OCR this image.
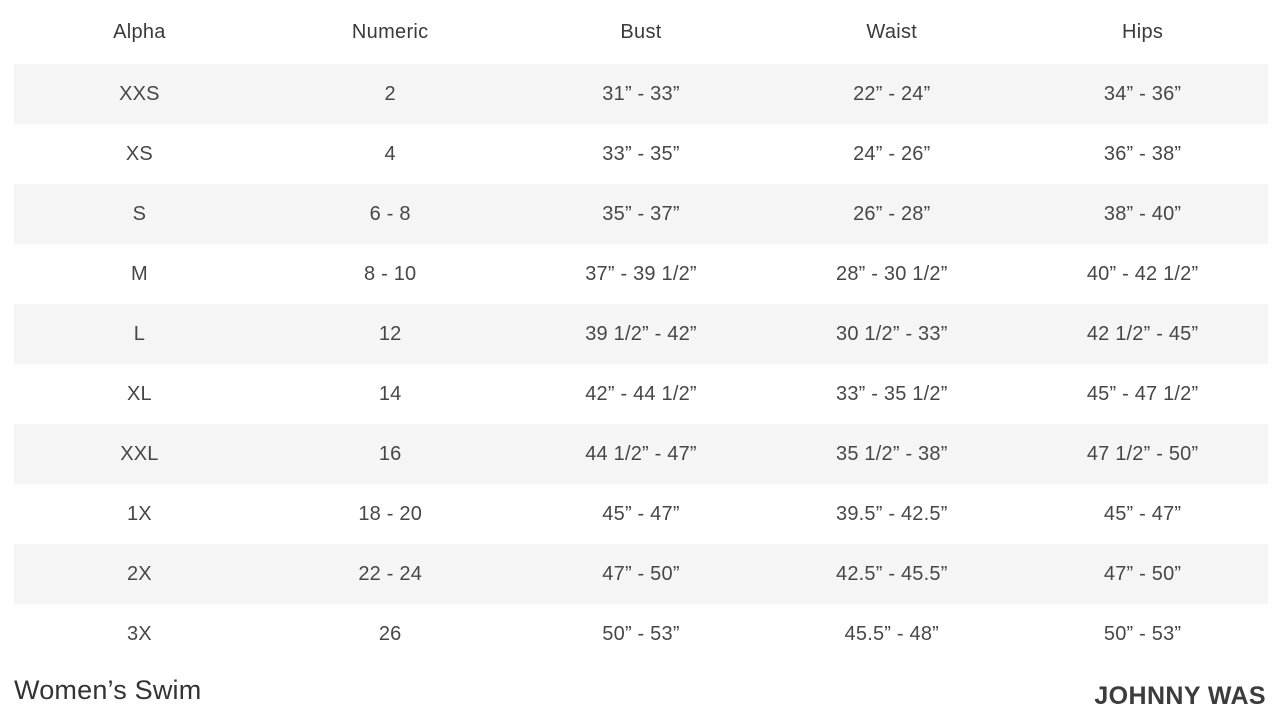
Alpha	Numeric	Bust	Waist	Hips
XXS	2	31” - 33”	22” - 24”	34” - 36”
XS	4	33” - 35”	24” - 26”	36” - 38”
S	6 - 8	35” - 37”	26” - 28”	38” - 40”
M	8 - 10	37” - 39 1/2”	28” - 30 1/2”	40” - 42 1/2”
L	12	39 1/2” - 42”	30 1/2” - 33”	42 1/2” - 45”
XL	14	42” - 44 1/2”	33” - 35 1/2”	45” - 47 1/2”
XXL	16	44 1/2” - 47”	35 1/2” - 38”	47 1/2” - 50”
1X	18 - 20	45” - 47”	39.5” - 42.5”	45” - 47”
2X	22 - 24	47” - 50”	42.5” - 45.5”	47” - 50”
3X	26	50” - 53”	45.5” - 48”	50” - 53”
Women’s Swim	JOHNNY WAS
